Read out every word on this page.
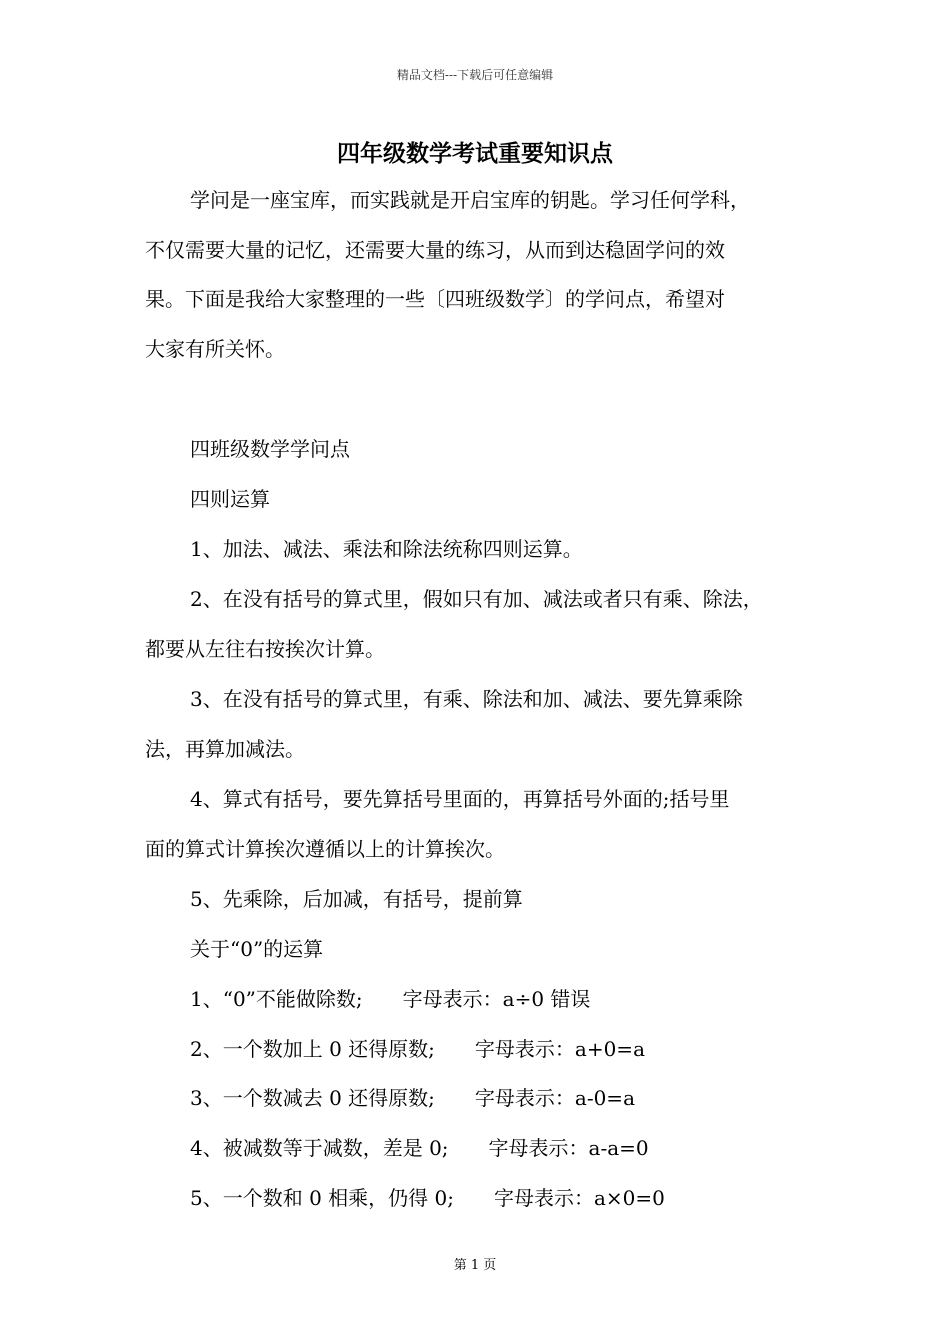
精品文档---下载后可任意编辑
四年级数学考试重要知识点
学问是一座宝库，而实践就是开启宝库的钥匙。学习任何学科，
不仅需要大量的记忆，还需要大量的练习，从而到达稳固学问的效
果。下面是我给大家整理的一些〔四班级数学〕的学问点，希望对
大家有所关怀。
四班级数学学问点
四则运算
1、加法、减法、乘法和除法统称四则运算。
2、在没有括号的算式里，假如只有加、减法或者只有乘、除法，
都要从左往右按挨次计算。
3、在没有括号的算式里，有乘、除法和加、减法、要先算乘除
法，再算加减法。
4、算式有括号，要先算括号里面的，再算括号外面的;括号里
面的算式计算挨次遵循以上的计算挨次。
5、先乘除，后加减，有括号，提前算
关于“0”的运算
1、“0”不能做除数; 字母表示：a÷0 错误
2、一个数加上 0 还得原数; 字母表示：a+0=a
3、一个数减去 0 还得原数; 字母表示：a-0=a
4、被减数等于减数，差是 0; 字母表示：a-a=0
5、一个数和 0 相乘，仍得 0; 字母表示：a×0=0
第 1 页
